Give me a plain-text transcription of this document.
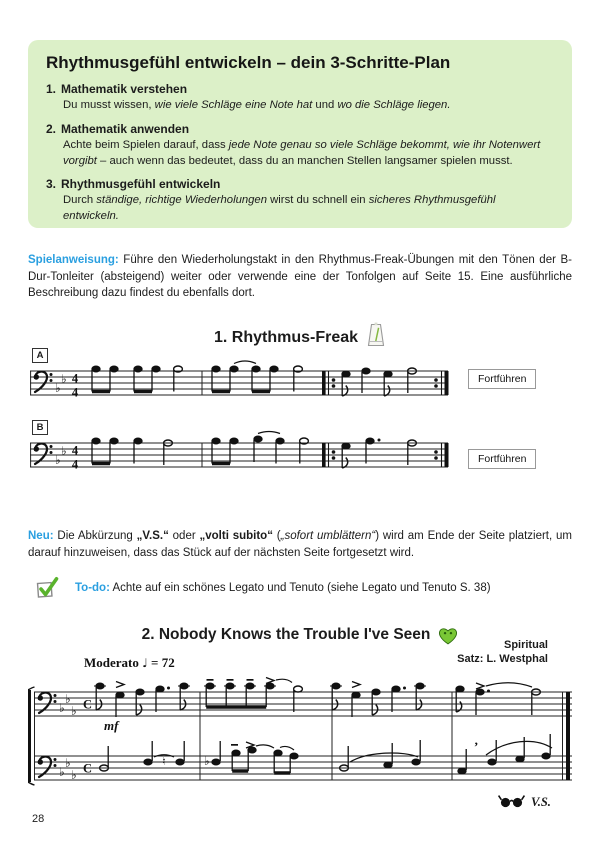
Rhythmusgefühl entwickeln – dein 3-Schritte-Plan
1. Mathematik verstehen

Du musst wissen, wie viele Schläge eine Note hat und wo die Schläge liegen.

2. Mathematik anwenden

Achte beim Spielen darauf, dass jede Note genau so viele Schläge bekommt, wie ihr Notenwert vorgibt – auch wenn das bedeutet, dass du an manchen Stellen langsamer spielen musst.

3. Rhythmusgefühl entwickeln

Durch ständige, richtige Wiederholungen wirst du schnell ein sicheres Rhythmusgefühl entwickeln.

Spielanweisung: Führe den Wiederholungstakt in den Rhythmus-Freak-Übungen mit den Tönen der B-Dur-Tonleiter (absteigend) weiter oder verwende eine der Tonfolgen auf Seite 15. Eine ausführliche Beschreibung dazu findest du ebenfalls dort.

1. Rhythmus-Freak
A
♭
♭ 4
4
Fortführen
B
♭
♭ 4
4	Fortführen

Neu: Die Abkürzung „V.S.“ oder „volti subito“ („sofort umblättern“) wird am Ende der Seite platziert, um darauf hinzuweisen, dass das Stück auf der nächsten Seite fortgesetzt wird.

To-do: Achte auf ein schönes Legato und Tenuto (siehe Legato und Tenuto S. 38)

2. Nobody Knows the Trouble I've Seen
Spiritual
Satz: L. Westphal
Moderato ♩ = 72
♭
♭
♭ C
♭
♭
♭ C
mf
♮	♭
’
V.S.
28
